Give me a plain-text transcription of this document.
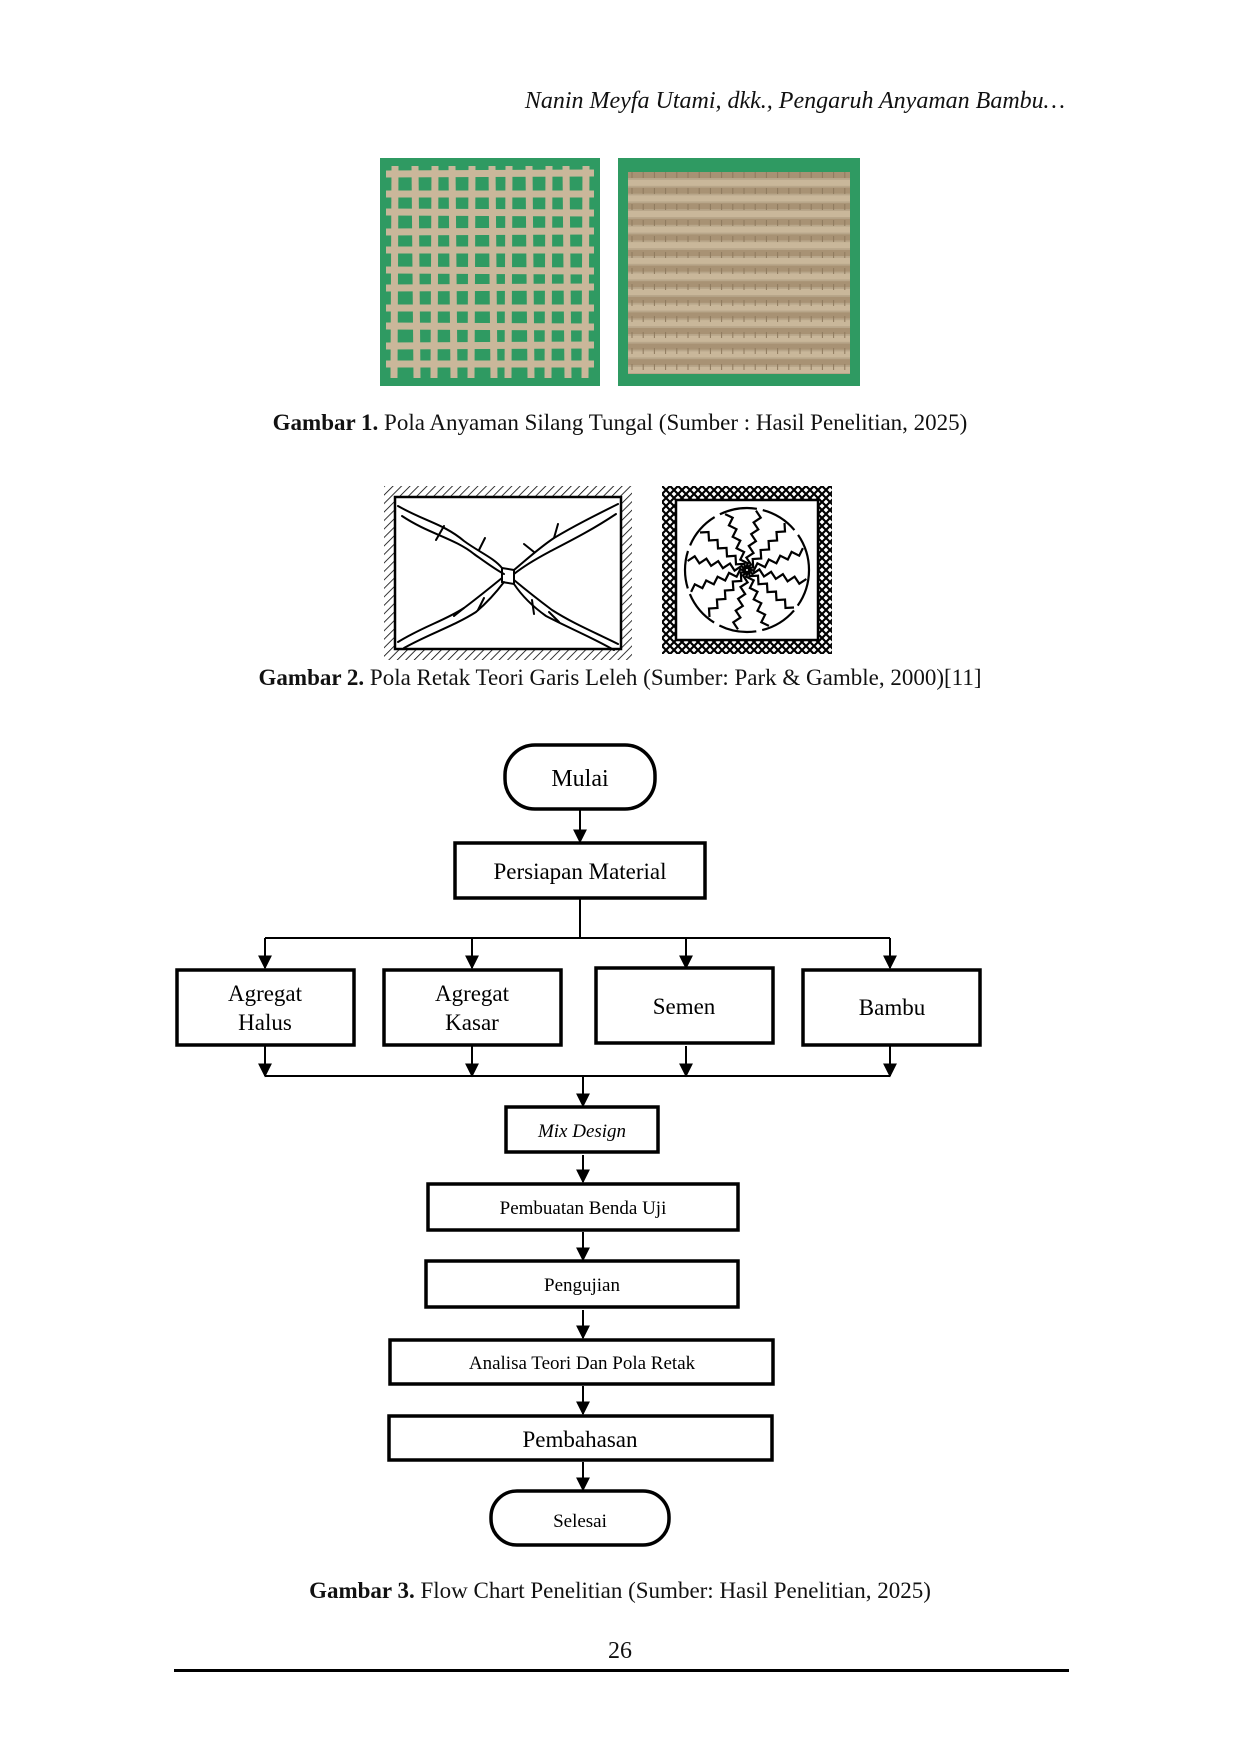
Nanin Meyfa Utami, dkk., Pengaruh Anyaman Bambu…
Gambar 1. Pola Anyaman Silang Tungal (Sumber : Hasil Penelitian, 2025)
Gambar 2. Pola Retak Teori Garis Leleh (Sumber: Park & Gamble, 2000)[11]
Mulai
Persiapan Material
Agregat
Halus
Agregat
Kasar
Semen	Bambu
Mix Design
Pembuatan Benda Uji
Pengujian
Analisa Teori Dan Pola Retak
Pembahasan
Selesai
Gambar 3. Flow Chart Penelitian (Sumber: Hasil Penelitian, 2025)
26
